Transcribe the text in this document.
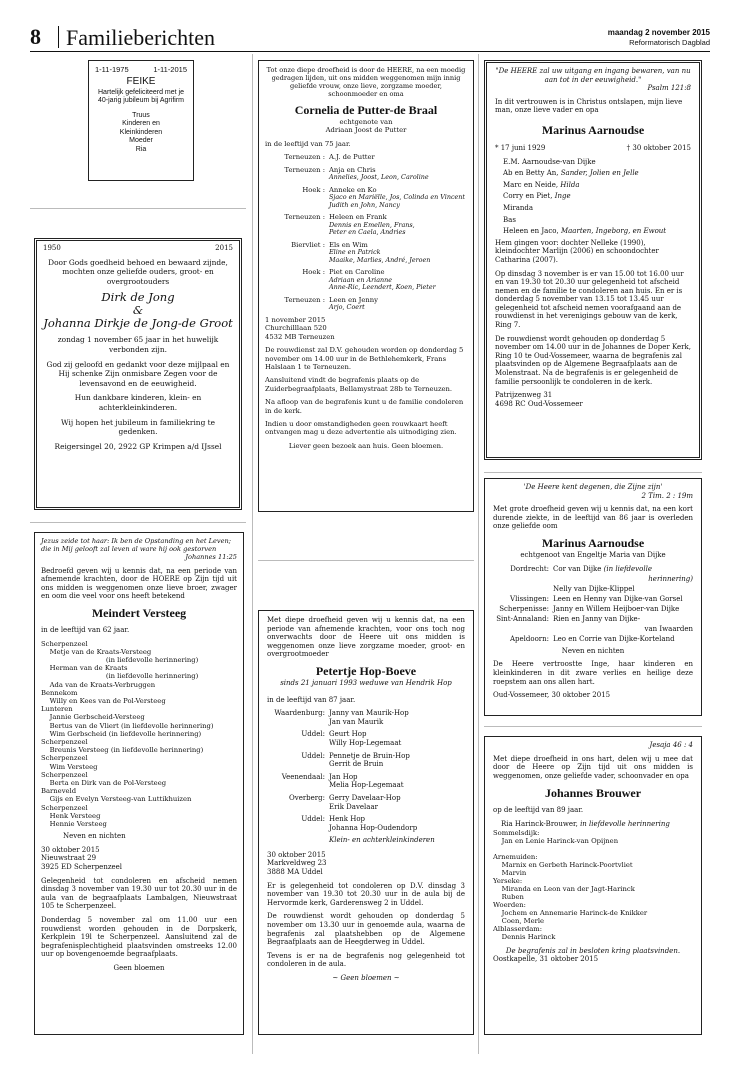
8 Familieberichten	maandag 2 november 2015
Reformatorisch Dagblad
1-11-1975	1-11-2015
FEIKE
Hartelijk gefeliciteerd met je 40-jarig jubileum bij Agrifirm
Truus
Kinderen en
Kleinkinderen
Moeder
Ria
1950	2015
Door Gods goedheid behoed en bewaard zijnde, mochten onze geliefde ouders, groot- en overgrootouders
Dirk de Jong
&
Johanna Dirkje de Jong-de Groot
zondag 1 november 65 jaar in het huwelijk verbonden zijn.
God zij geloofd en gedankt voor deze mijlpaal en Hij schenke Zijn onmisbare Zegen voor de levensavond en de eeuwigheid.
Hun dankbare kinderen, klein- en achterkleinkinderen.
Wij hopen het jubileum in familiekring te gedenken.
Reigersingel 20, 2922 GP Krimpen a/d IJssel
Jezus zeide tot haar: Ik ben de Opstanding en het Leven; die in Mij gelooft zal leven al ware hij ook gestorven
Johannes 11:25
Bedroefd geven wij u kennis dat, na een periode van afnemende krachten, door de HOERE op Zijn tijd uit ons midden is weggenomen onze lieve broer, zwager en oom die veel voor ons heeft betekend
Meindert Versteeg
in de leeftijd van 62 jaar.
Scherpenzeel
Metje van de Kraats-Versteeg
(in liefdevolle herinnering)
Herman van de Kraats
(in liefdevolle herinnering)
Ada van de Kraats-Verbruggen
Bennekom
Willy en Kees van de Pol-Versteeg
Lunteren
Jannie Gerbscheid-Versteeg
Bertus van de Vliert (in liefdevolle herinnering)
Wim Gerbscheid (in liefdevolle herinnering)
Scherpenzeel
Breunis Versteeg (in liefdevolle herinnering)
Scherpenzeel
Wim Versteeg
Scherpenzeel
Berta en Dirk van de Pol-Versteeg
Barneveld
Gijs en Evelyn Versteeg-van Luttikhuizen
Scherpenzeel
Henk Versteeg
Hennie Versteeg
Neven en nichten
30 oktober 2015
Nieuwstraat 29
3925 ED Scherpenzeel
Gelegenheid tot condoleren en afscheid nemen dinsdag 3 november van 19.30 uur tot 20.30 uur in de aula van de begraafplaats Lambalgen, Nieuwstraat 105 te Scherpenzeel.
Donderdag 5 november zal om 11.00 uur een rouwdienst worden gehouden in de Dorpskerk, Kerkplein 19l te Scherpenzeel. Aansluitend zal de begrafenisplechtigheid plaatsvinden omstreeks 12.00 uur op bovengenoemde begraafplaats.
Geen bloemen
Tot onze diepe droefheid is door de HEERE, na een moedig gedragen lijden, uit ons midden weggenomen mijn innig geliefde vrouw, onze lieve, zorgzame moeder, schoonmoeder en oma
Cornelia de Putter-de Braal
echtgenote van
Adriaan Joost de Putter
in de leeftijd van 75 jaar.
Terneuzen : A.J. de Putter
Terneuzen : Anja en Chris
Annelies, Joost, Leon, Caroline
Hoek : Anneke en Ko
Sjaco en Mariëlle, Jos, Colinda en Vincent
Judith en John, Nancy
Terneuzen : Heleen en Frank
Dennis en Emellen, Frans,
Peter en Caela, Andries
Biervliet : Els en Wim
Eline en Patrick
Maaike, Marlies, André, Jeroen
Hoek : Piet en Caroline
Adriaan en Arianne
Anne-Ric, Leendert, Koen, Pieter
Terneuzen : Leen en Jenny
Arjo, Coert
1 november 2015
Churchilllaan 520
4532 MB Terneuzen
De rouwdienst zal D.V. gehouden worden op donderdag 5 november om 14.00 uur in de Bethlehemkerk, Frans Halslaan 1 te Terneuzen.
Aansluitend vindt de begrafenis plaats op de Zuiderbegraafplaats, Bellamystraat 28b te Terneuzen.
Na afloop van de begrafenis kunt u de familie condoleren in de kerk.
Indien u door omstandigheden geen rouwkaart heeft ontvangen mag u deze advertentie als uitnodiging zien.
Liever geen bezoek aan huis. Geen bloemen.
Met diepe droefheid geven wij u kennis dat, na een periode van afnemende krachten, voor ons toch nog onverwachts door de Heere uit ons midden is weggenomen onze lieve zorgzame moeder, groot- en overgrootmoeder
Petertje Hop-Boeve
sinds 21 januari 1993 weduwe van Hendrik Hop
in de leeftijd van 87 jaar.
Waardenburg: Janny van Maurik-Hop
Jan van Maurik
Uddel: Geurt Hop
Willy Hop-Legemaat
Uddel: Pennetje de Bruin-Hop
Gerrit de Bruin
Veenendaal: Jan Hop
Melia Hop-Legemaat
Overberg: Gerry Davelaar-Hop
Erik Davelaar
Uddel: Henk Hop
Johanna Hop-Oudendorp
Klein- en achterkleinkinderen
30 oktober 2015
Markveldweg 23
3888 MA Uddel
Er is gelegenheid tot condoleren op D.V. dinsdag 3 november van 19.30 tot 20.30 uur in de aula bij de Hervormde kerk, Garderensweg 2 in Uddel.
De rouwdienst wordt gehouden op donderdag 5 november om 13.30 uur in genoemde aula, waarna de begrafenis zal plaatshebben op de Algemene Begraafplaats aan de Heegderweg in Uddel.
Tevens is er na de begrafenis nog gelegenheid tot condoleren in de aula.
~ Geen bloemen ~
"De HEERE zal uw uitgang en ingang bewaren, van nu aan tot in der eeuwigheid."
Psalm 121:8
In dit vertrouwen is in Christus ontslapen, mijn lieve man, onze lieve vader en opa
Marinus Aarnoudse
* 17 juni 1929	† 30 oktober 2015
E.M. Aarnoudse-van Dijke
Ab en Betty An, Sander, Jolien en Jelle
Marc en Neide, Hilda
Corry en Piet, Inge
Miranda
Bas
Heleen en Jaco, Maarten, Ingeborg, en Ewout
Hem gingen voor: dochter Nelleke (1990), kleindochter Marlijn (2006) en schoondochter Catharina (2007).
Op dinsdag 3 november is er van 15.00 tot 16.00 uur en van 19.30 tot 20.30 uur gelegenheid tot afscheid nemen en de familie te condoleren aan huis. En er is donderdag 5 november van 13.15 tot 13.45 uur gelegenheid tot afscheid nemen voorafgaand aan de rouwdienst in het verenigings gebouw van de kerk, Ring 7.
De rouwdienst wordt gehouden op donderdag 5 november om 14.00 uur in de Johannes de Doper Kerk, Ring 10 te Oud-Vossemeer, waarna de begrafenis zal plaatsvinden op de Algemene Begraafplaats aan de Molenstraat. Na de begrafenis is er gelegenheid de familie persoonlijk te condoleren in de kerk.
Patrijzenweg 31
4698 RC Oud-Vossemeer
'De Heere kent degenen, die Zijne zijn'
2 Tim. 2 : 19m
Met grote droefheid geven wij u kennis dat, na een kort durende ziekte, in de leeftijd van 86 jaar is overleden onze geliefde oom
Marinus Aarnoudse
echtgenoot van Engeltje Maria van Dijke
Dordrecht: Cor van Dijke (in liefdevolle
herinnering)
Nelly van Dijke-Klippel
Vlissingen: Leen en Henny van Dijke-van Gorsel
Scherpenisse: Janny en Willem Heijboer-van Dijke
Sint-Annaland: Rien en Janny van Dijke-
van Iwaarden
Apeldoorn: Leo en Corrie van Dijke-Korteland
Neven en nichten
De Heere vertroostte Inge, haar kinderen en kleinkinderen in dit zware verlies en heilige deze roepstem aan ons allen hart.
Oud-Vossemeer, 30 oktober 2015
Jesaja 46 : 4
Met diepe droefheid in ons hart, delen wij u mee dat door de Heere op Zijn tijd uit ons midden is weggenomen, onze geliefde vader, schoonvader en opa
Johannes Brouwer
op de leeftijd van 89 jaar.
Ria Harinck-Brouwer, in liefdevolle herinnering
Sommelsdijk:
Jan en Lenie Harinck-van Opijnen

Arnemuiden:
Marnix en Gerbeth Harinck-Poortvliet
Marvin
Yerseke:
Miranda en Leon van der Jagt-Harinck
Ruben
Woerden:
Jochem en Annemarie Harinck-de Knikker
Coen, Merle
Alblasserdam:
Dennis Harinck
De begrafenis zal in besloten kring plaatsvinden.
Oostkapelle, 31 oktober 2015
